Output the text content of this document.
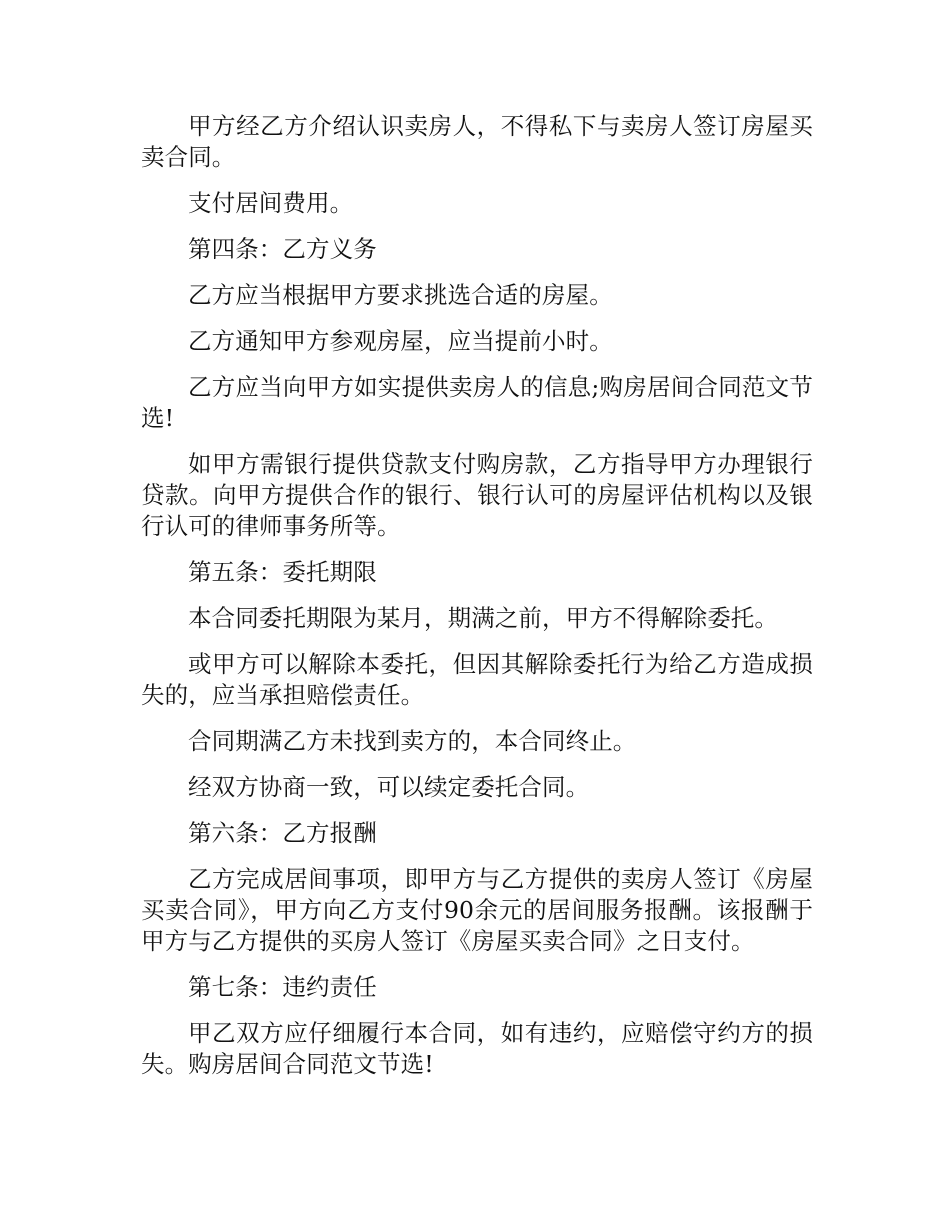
甲方经乙方介绍认识卖房人，不得私下与卖房人签订房屋买卖合同。

支付居间费用。

第四条：乙方义务

乙方应当根据甲方要求挑选合适的房屋。

乙方通知甲方参观房屋，应当提前小时。

乙方应当向甲方如实提供卖房人的信息;购房居间合同范文节选!

如甲方需银行提供贷款支付购房款，乙方指导甲方办理银行贷款。向甲方提供合作的银行、银行认可的房屋评估机构以及银行认可的律师事务所等。

第五条：委托期限

本合同委托期限为某月，期满之前，甲方不得解除委托。

或甲方可以解除本委托，但因其解除委托行为给乙方造成损失的，应当承担赔偿责任。

合同期满乙方未找到卖方的，本合同终止。

经双方协商一致，可以续定委托合同。

第六条：乙方报酬

乙方完成居间事项，即甲方与乙方提供的卖房人签订《房屋买卖合同》，甲方向乙方支付90余元的居间服务报酬。该报酬于甲方与乙方提供的买房人签订《房屋买卖合同》之日支付。

第七条：违约责任

甲乙双方应仔细履行本合同，如有违约，应赔偿守约方的损失。购房居间合同范文节选!
